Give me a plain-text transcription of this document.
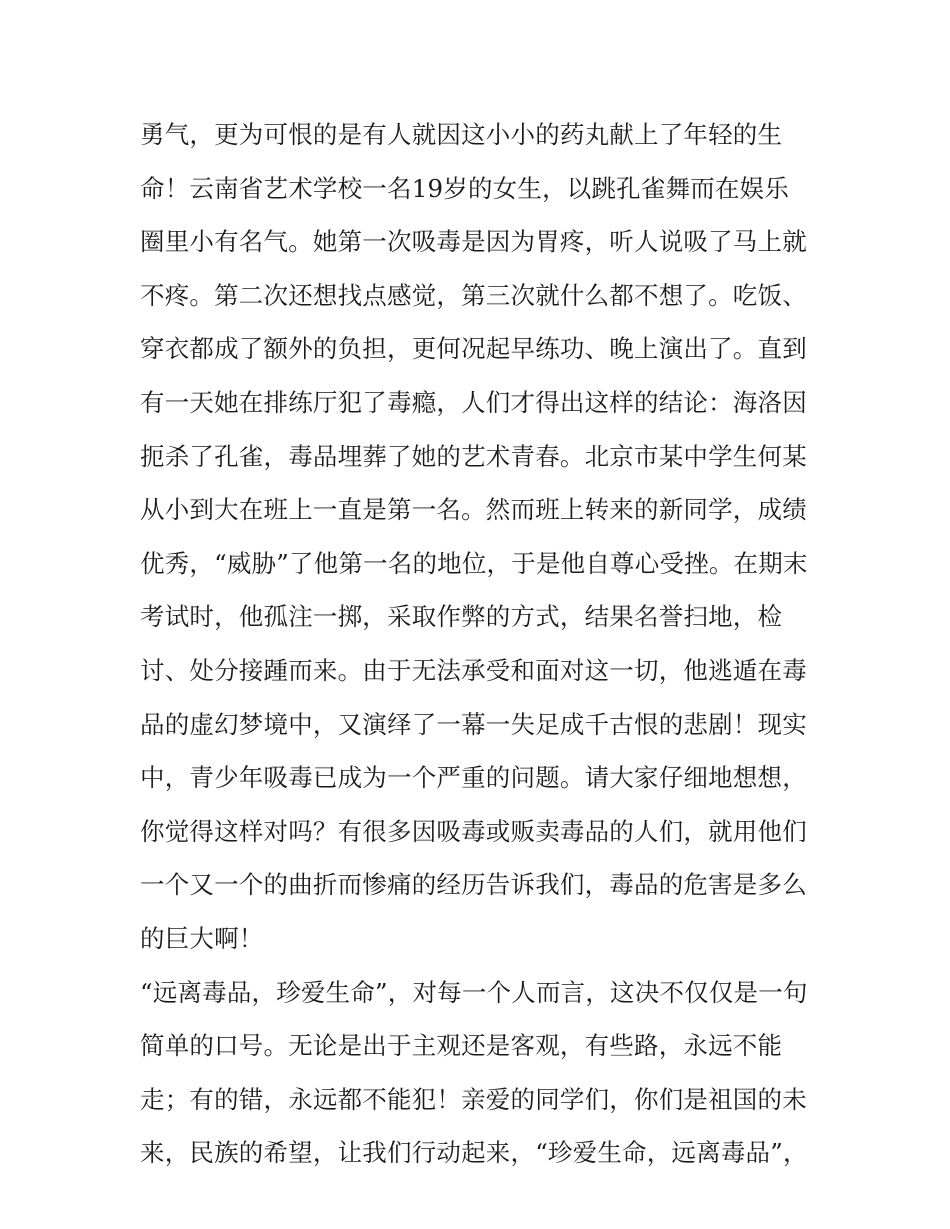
勇气，更为可恨的是有人就因这小小的药丸献上了年轻的生
命！云南省艺术学校一名19岁的女生，以跳孔雀舞而在娱乐
圈里小有名气。她第一次吸毒是因为胃疼，听人说吸了马上就
不疼。第二次还想找点感觉，第三次就什么都不想了。吃饭、
穿衣都成了额外的负担，更何况起早练功、晚上演出了。直到
有一天她在排练厅犯了毒瘾，人们才得出这样的结论：海洛因
扼杀了孔雀，毒品埋葬了她的艺术青春。北京市某中学生何某
从小到大在班上一直是第一名。然而班上转来的新同学，成绩
优秀，“威胁”了他第一名的地位，于是他自尊心受挫。在期末
考试时，他孤注一掷，采取作弊的方式，结果名誉扫地，检
讨、处分接踵而来。由于无法承受和面对这一切，他逃遁在毒
品的虚幻梦境中，又演绎了一幕一失足成千古恨的悲剧！现实
中，青少年吸毒已成为一个严重的问题。请大家仔细地想想，
你觉得这样对吗？有很多因吸毒或贩卖毒品的人们，就用他们
一个又一个的曲折而惨痛的经历告诉我们，毒品的危害是多么
的巨大啊！
“远离毒品，珍爱生命”，对每一个人而言，这决不仅仅是一句
简单的口号。无论是出于主观还是客观，有些路，永远不能
走；有的错，永远都不能犯！亲爱的同学们，你们是祖国的未
来，民族的希望，让我们行动起来，“珍爱生命，远离毒品”，
